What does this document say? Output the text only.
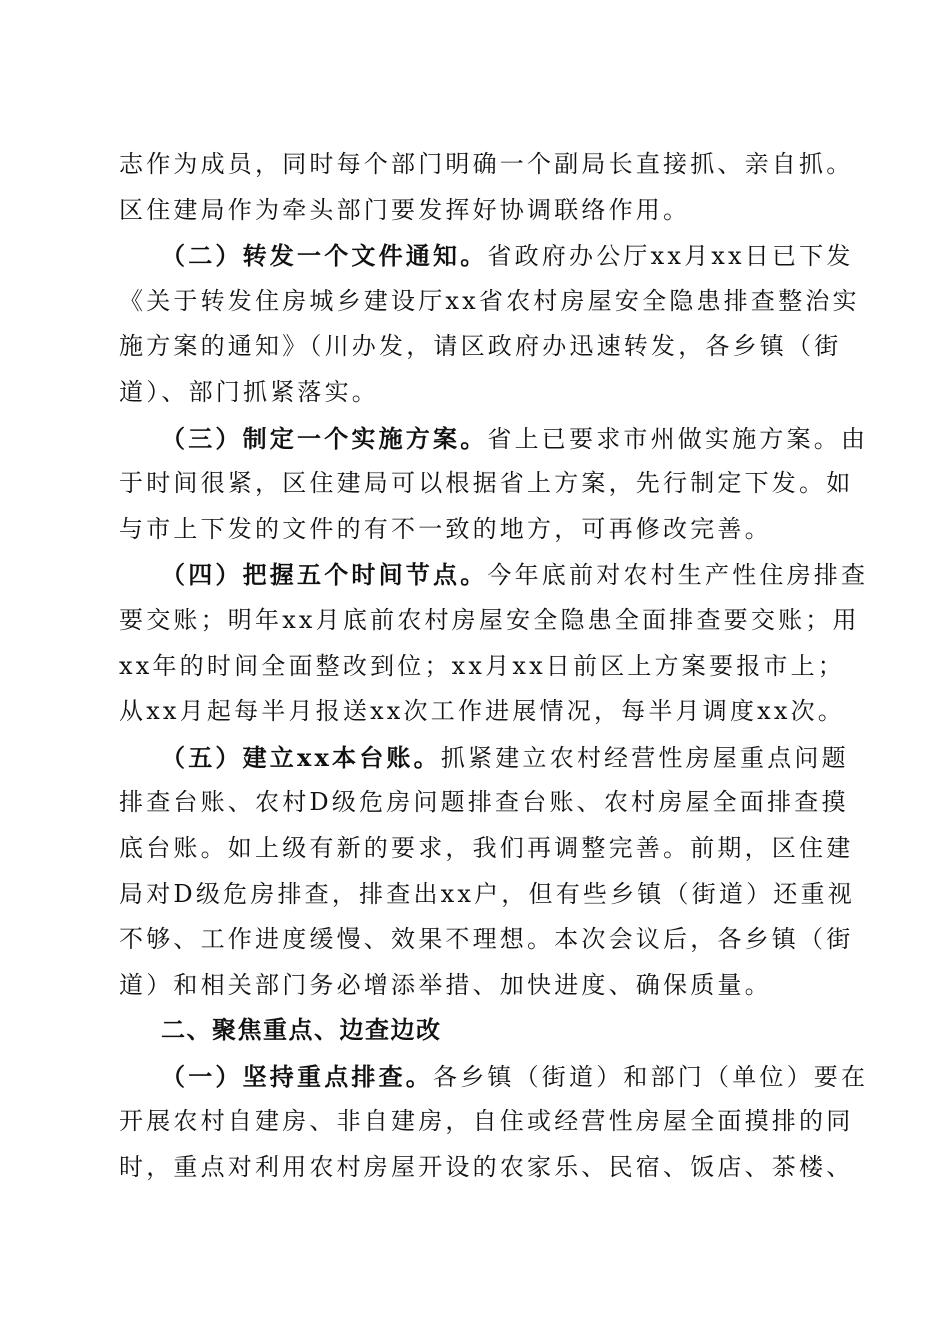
志作为成员，同时每个部门明确一个副局长直接抓、亲自抓。
区住建局作为牵头部门要发挥好协调联络作用。
（二）转发一个文件通知。省政府办公厅xx月xx日已下发
《关于转发住房城乡建设厅xx省农村房屋安全隐患排查整治实
施方案的通知》（川办发，请区政府办迅速转发，各乡镇（街
道）、部门抓紧落实。
（三）制定一个实施方案。省上已要求市州做实施方案。由
于时间很紧，区住建局可以根据省上方案，先行制定下发。如
与市上下发的文件的有不一致的地方，可再修改完善。
（四）把握五个时间节点。今年底前对农村生产性住房排查
要交账；明年xx月底前农村房屋安全隐患全面排查要交账；用
xx年的时间全面整改到位；xx月xx日前区上方案要报市上；
从xx月起每半月报送xx次工作进展情况，每半月调度xx次。
（五）建立xx本台账。抓紧建立农村经营性房屋重点问题
排查台账、农村D级危房问题排查台账、农村房屋全面排查摸
底台账。如上级有新的要求，我们再调整完善。前期，区住建
局对D级危房排查，排查出xx户，但有些乡镇（街道）还重视
不够、工作进度缓慢、效果不理想。本次会议后，各乡镇（街
道）和相关部门务必增添举措、加快进度、确保质量。
二、聚焦重点、边查边改
（一）坚持重点排查。各乡镇（街道）和部门（单位）要在
开展农村自建房、非自建房，自住或经营性房屋全面摸排的同
时，重点对利用农村房屋开设的农家乐、民宿、饭店、茶楼、
